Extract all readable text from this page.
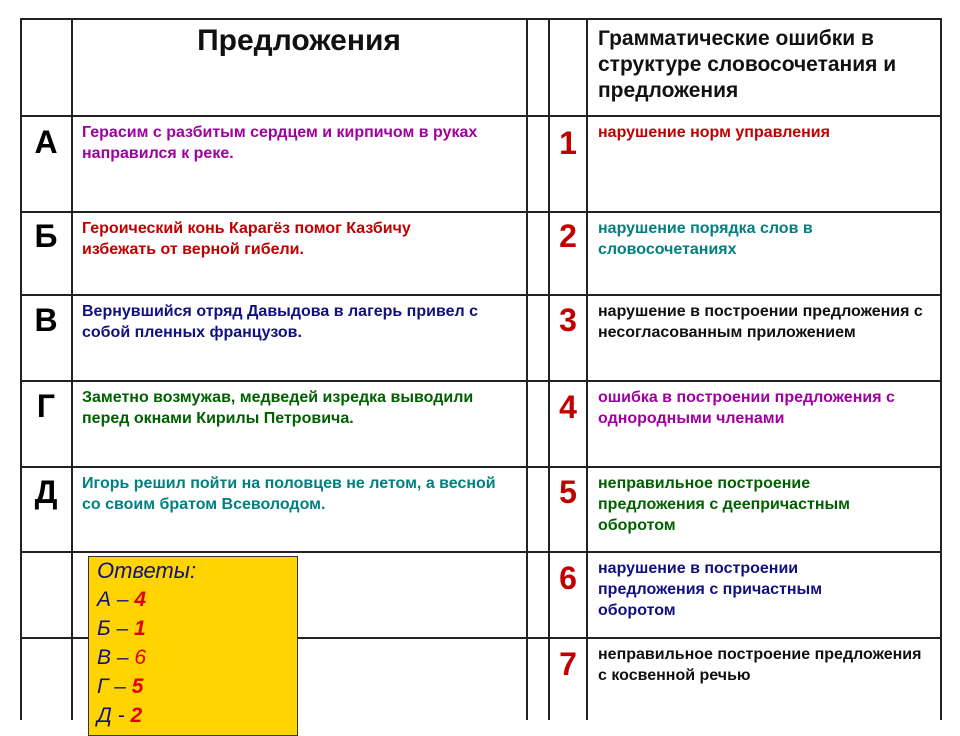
Предложения	Грамматические ошибки в структуре словосочетания и предложения
А
Б
В
Г
Д
Герасим с разбитым сердцем и кирпичом в руках направился к реке.
Героический конь Карагёз помог Казбичу избежать от верной гибели.
Вернувшийся отряд Давыдова в лагерь привел с собой пленных французов.
Заметно возмужав, медведей изредка выводили перед окнами Кирилы Петровича.
Игорь решил пойти на половцев не летом, а весной со своим братом Всеволодом.
1
2
3
4
5
6
7
нарушение норм управления
нарушение порядка слов в словосочетаниях
нарушение в построении предложения с несогласованным приложением
ошибка в построении предложения с однородными членами
неправильное построение предложения с деепричастным оборотом
нарушение в построении предложения с причастным оборотом
неправильное построение предложения с косвенной речью
Ответы:
А – 4
Б – 1
В – 6
Г – 5
Д - 2
